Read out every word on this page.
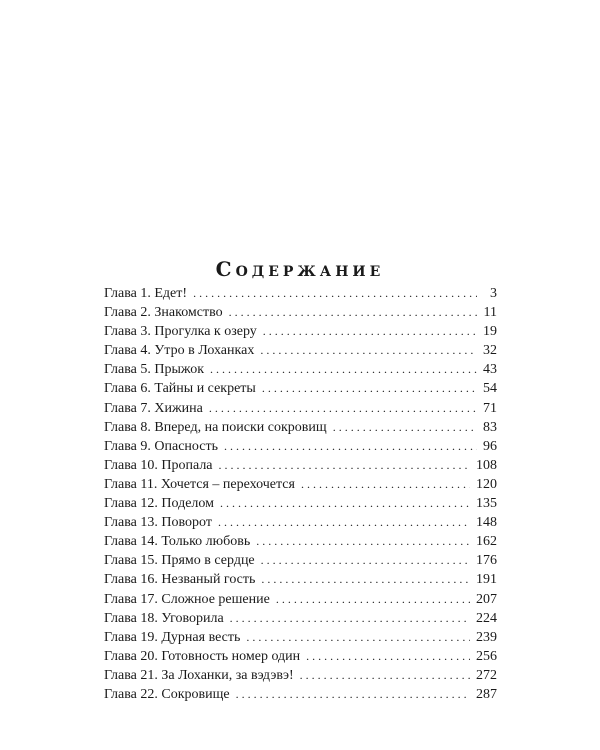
Содержание
Глава 1. Едет! . . .	3
Глава 2. Знакомство . . .	11
Глава 3. Прогулка к озеру . . .	19
Глава 4. Утро в Лоханках . . .	32
Глава 5. Прыжок . . .	43
Глава 6. Тайны и секреты . . .	54
Глава 7. Хижина . . .	71
Глава 8. Вперед, на поиски сокровищ . . .	83
Глава 9. Опасность . . .	96
Глава 10. Пропала . . .	108
Глава 11. Хочется – перехочется . . .	120
Глава 12. Поделом . . .	135
Глава 13. Поворот . . .	148
Глава 14. Только любовь . . .	162
Глава 15. Прямо в сердце . . .	176
Глава 16. Незваный гость . . .	191
Глава 17. Сложное решение . . .	207
Глава 18. Уговорила . . .	224
Глава 19. Дурная весть . . .	239
Глава 20. Готовность номер один . . .	256
Глава 21. За Лоханки, за вэдэвэ! . . .	272
Глава 22. Сокровище . . .	287
